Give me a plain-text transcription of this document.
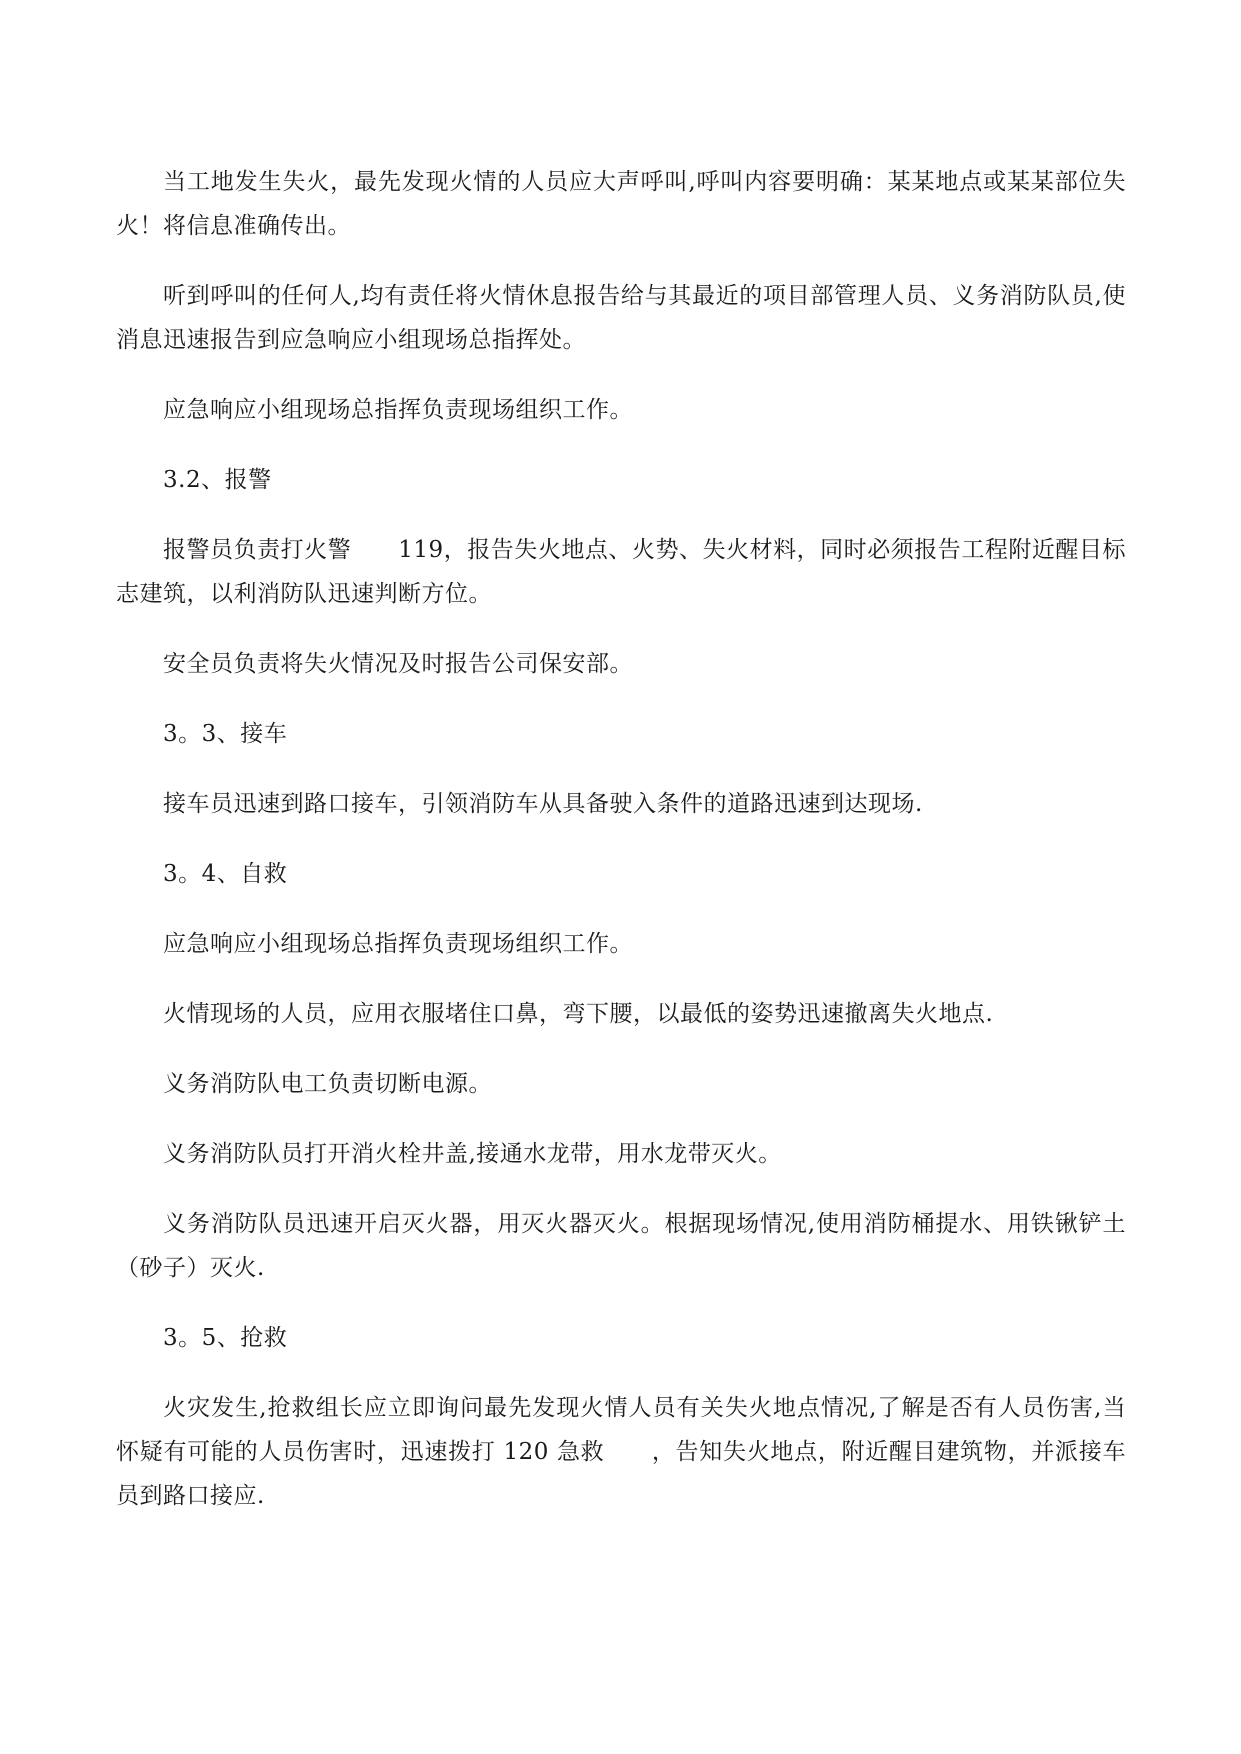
当工地发生失火，最先发现火情的人员应大声呼叫,呼叫内容要明确：某某地点或某某部位失火！将信息准确传出。

听到呼叫的任何人,均有责任将火情休息报告给与其最近的项目部管理人员、义务消防队员,使消息迅速报告到应急响应小组现场总指挥处。

应急响应小组现场总指挥负责现场组织工作。

3.2、报警

报警员负责打火警　　119，报告失火地点、火势、失火材料，同时必须报告工程附近醒目标志建筑，以利消防队迅速判断方位。

安全员负责将失火情况及时报告公司保安部。

3。3、接车

接车员迅速到路口接车，引领消防车从具备驶入条件的道路迅速到达现场.

3。4、自救

应急响应小组现场总指挥负责现场组织工作。

火情现场的人员，应用衣服堵住口鼻，弯下腰，以最低的姿势迅速撤离失火地点.

义务消防队电工负责切断电源。

义务消防队员打开消火栓井盖,接通水龙带，用水龙带灭火。

义务消防队员迅速开启灭火器，用灭火器灭火。根据现场情况,使用消防桶提水、用铁锹铲土（砂子）灭火.

3。5、抢救

火灾发生,抢救组长应立即询问最先发现火情人员有关失火地点情况,了解是否有人员伤害,当怀疑有可能的人员伤害时，迅速拨打 120 急救　　，告知失火地点，附近醒目建筑物，并派接车员到路口接应.
